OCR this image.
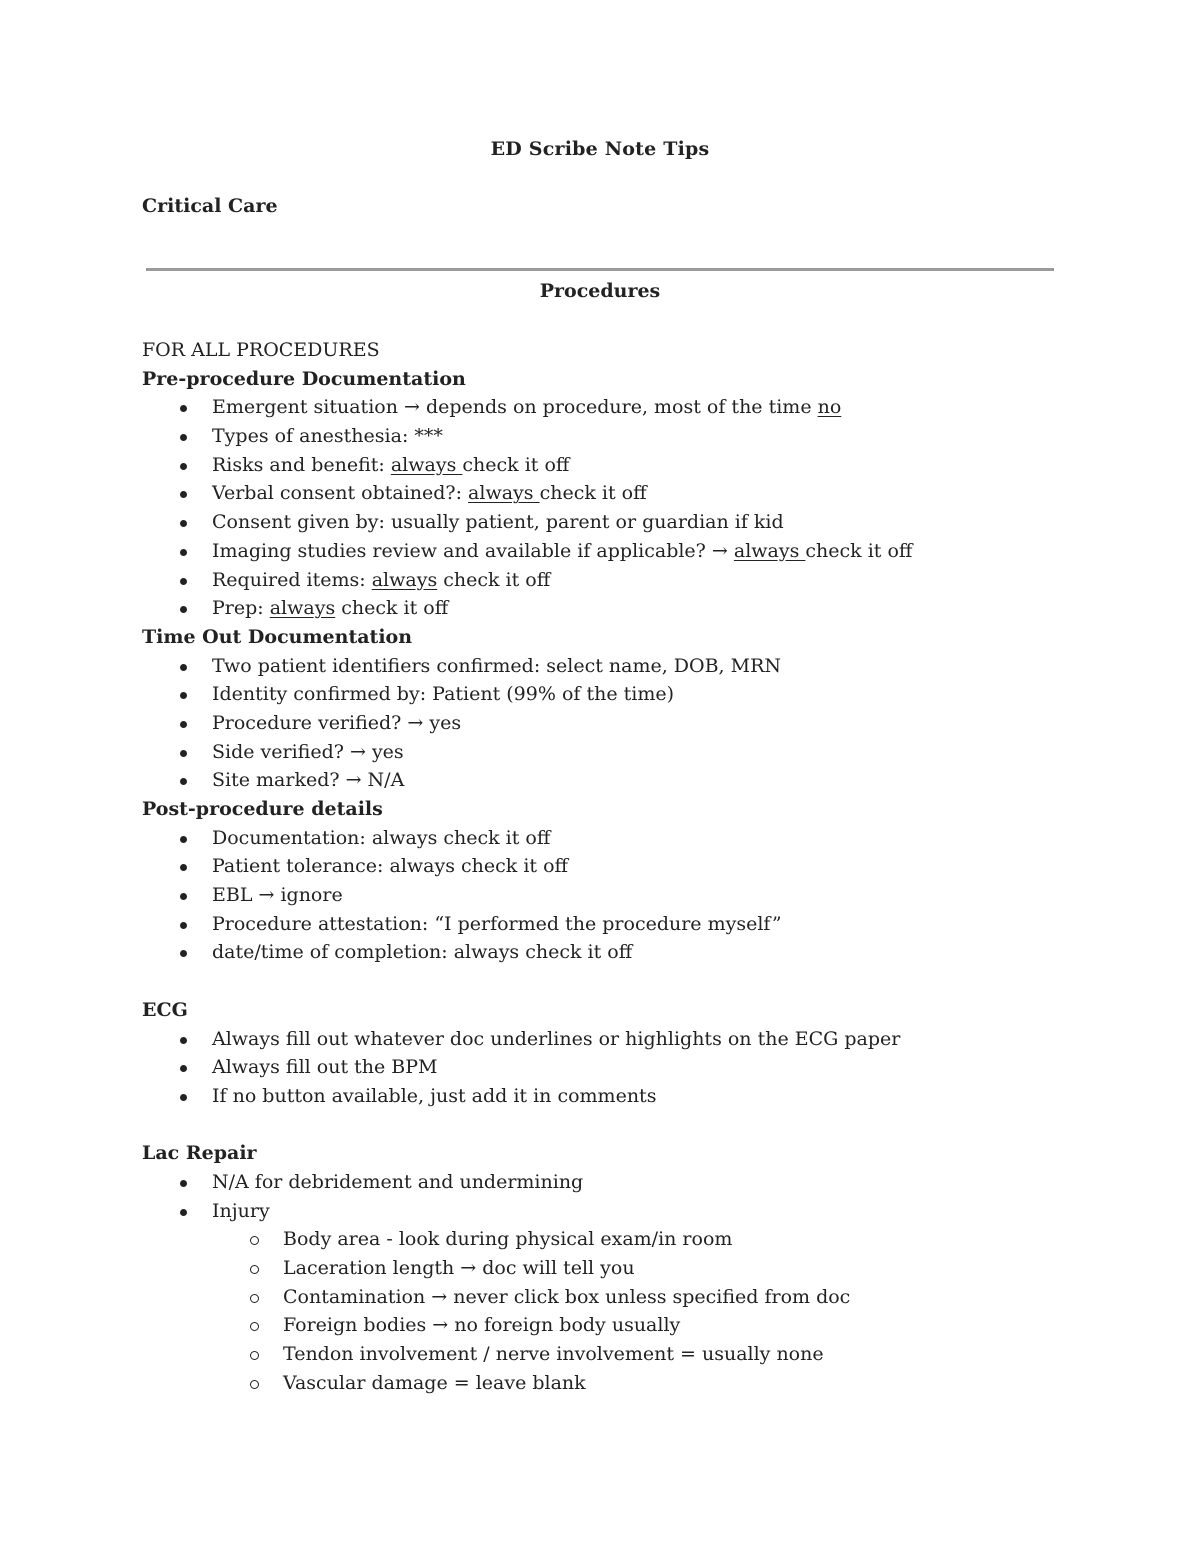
ED Scribe Note Tips
Critical Care
Procedures
FOR ALL PROCEDURES
Pre-procedure Documentation
Emergent situation → depends on procedure, most of the time no
Types of anesthesia: ***
Risks and benefit: always check it off
Verbal consent obtained?: always check it off
Consent given by: usually patient, parent or guardian if kid
Imaging studies review and available if applicable? → always check it off
Required items: always check it off
Prep: always check it off
Time Out Documentation
Two patient identifiers confirmed: select name, DOB, MRN
Identity confirmed by: Patient (99% of the time)
Procedure verified? → yes
Side verified? → yes
Site marked? → N/A
Post-procedure details
Documentation: always check it off
Patient tolerance: always check it off
EBL → ignore
Procedure attestation: “I performed the procedure myself”
date/time of completion: always check it off
ECG
Always fill out whatever doc underlines or highlights on the ECG paper
Always fill out the BPM
If no button available, just add it in comments
Lac Repair
N/A for debridement and undermining
Injury
Body area - look during physical exam/in room
Laceration length → doc will tell you
Contamination → never click box unless specified from doc
Foreign bodies → no foreign body usually
Tendon involvement / nerve involvement = usually none
Vascular damage = leave blank
